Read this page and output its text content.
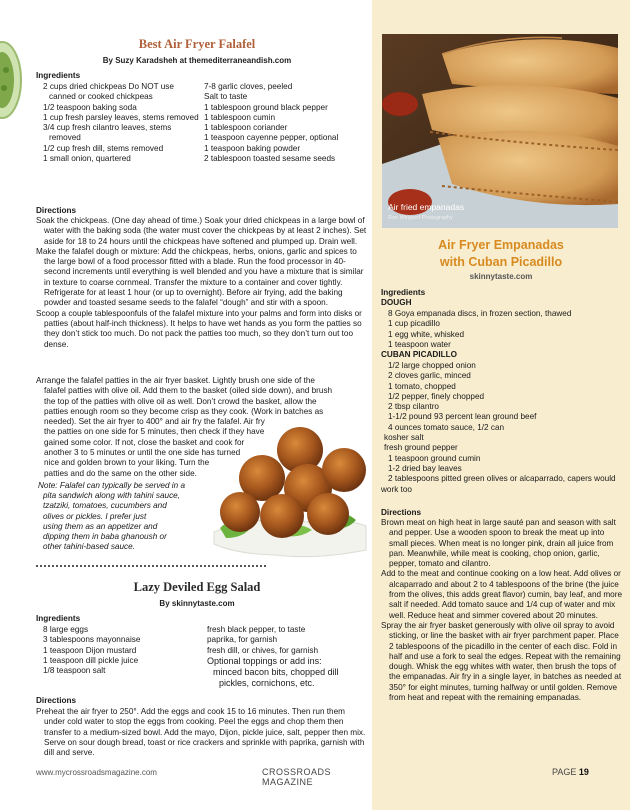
Best Air Fryer Falafel
By Suzy Karadsheh at themediterraneandish.com
Ingredients
2 cups dried chickpeas Do NOT use canned or cooked chickpeas
1/2 teaspoon baking soda
1 cup fresh parsley leaves, stems removed
3/4 cup fresh cilantro leaves, stems removed
1/2 cup fresh dill, stems removed
1 small onion, quartered
7-8 garlic cloves, peeled
Salt to taste
1 tablespoon ground black pepper
1 tablespoon cumin
1 tablespoon coriander
1 teaspoon cayenne pepper, optional
1 teaspoon baking powder
2 tablespoon toasted sesame seeds
Directions

Soak the chickpeas. (One day ahead of time.) Soak your dried chickpeas in a large bowl of water with the baking soda (the water must cover the chickpeas by at least 2 inches). Set aside for 18 to 24 hours until the chickpeas have softened and plumped up. Drain well.

Make the falafel dough or mixture: Add the chickpeas, herbs, onions, garlic and spices to the large bowl of a food processor fitted with a blade. Run the food processor in 40-second increments until everything is well blended and you have a mixture that is similar in texture to coarse cornmeal. Transfer the mixture to a container and cover tightly. Refrigerate for at least 1 hour (or up to overnight). Before air frying, add the baking powder and toasted sesame seeds to the falafel “dough” and stir with a spoon.

Scoop a couple tablespoonfuls of the falafel mixture into your palms and form into disks or patties (about half-inch thickness). It helps to have wet hands as you form the patties so they don’t stick too much. Do not pack the patties too much, so they don’t turn out too dense.

Arrange the falafel patties in the air fryer basket. Lightly brush one side of the
falafel patties with olive oil. Add them to the basket (oiled side down), and brush
the top of the patties with olive oil as well. Don’t crowd the basket, allow the
patties enough room so they become crisp as they cook. (Work in batches as
needed). Set the air fryer to 400° and air fry the falafel. Air fry
the patties on one side for 5 minutes, then check if they have
gained some color. If not, close the basket and cook for
another 3 to 5 minutes or until the one side has turned
nice and golden brown to your liking. Turn the
patties and do the same on the other side.
Note: Falafel can typically be served in a
pita sandwich along with tahini sauce,
tzatziki, tomatoes, cucumbers and
olives or pickles. I prefer just
using them as an appetizer and
dipping them in baba ghanoush or
other tahini-based sauce.
Lazy Deviled Egg Salad
By skinnytaste.com
Ingredients
8 large eggs
3 tablespoons mayonnaise
1 teaspoon Dijon mustard
1 teaspoon dill pickle juice
1/8 teaspoon salt
fresh black pepper, to taste
paprika, for garnish
fresh dill, or chives, for garnish
Optional toppings or add ins:
minced bacon bits, chopped dill pickles, cornichons, etc.
Directions

Preheat the air fryer to 250°. Add the eggs and cook 15 to 16 minutes. Then run them under cold water to stop the eggs from cooking. Peel the eggs and chop them then transfer to a medium-sized bowl. Add the mayo, Dijon, pickle juice, salt, pepper then mix. Serve on sour dough bread, toast or rice crackers and sprinkle with paprika, garnish with dill and serve.

www.mycrossroadsmagazine.com	CROSSROADS MAGAZINE
Air fried empanadas
Ron Wingard Photography
Air Fryer Empanadas
with Cuban Picadillo
skinnytaste.com
Ingredients
DOUGH
8 Goya empanada discs, in frozen section, thawed
1 cup picadillo
1 egg white, whisked
1 teaspoon water
CUBAN PICADILLO
1/2 large chopped onion
2 cloves garlic, minced
1 tomato, chopped
1/2 pepper, finely chopped
2 tbsp cilantro
1-1/2 pound 93 percent lean ground beef
4 ounces tomato sauce, 1/2 can
kosher salt
fresh ground pepper
1 teaspoon ground cumin
1-2 dried bay leaves
2 tablespoons pitted green olives or alcaparrado, capers would work too
Directions

Brown meat on high heat in large sauté pan and season with salt and pepper. Use a wooden spoon to break the meat up into small pieces. When meat is no longer pink, drain all juice from pan. Meanwhile, while meat is cooking, chop onion, garlic, pepper, tomato and cilantro.

Add to the meat and continue cooking on a low heat. Add olives or alcaparrado and about 2 to 4 tablespoons of the brine (the juice from the olives, this adds great flavor) cumin, bay leaf, and more salt if needed. Add tomato sauce and 1/4 cup of water and mix well. Reduce heat and simmer covered about 20 minutes.

Spray the air fryer basket generously with olive oil spray to avoid sticking, or line the basket with air fryer parchment paper. Place 2 tablespoons of the picadillo in the center of each disc. Fold in half and use a fork to seal the edges. Repeat with the remaining dough. Whisk the egg whites with water, then brush the tops of the empanadas. Air fry in a single layer, in batches as needed at 350° for eight minutes, turning halfway or until golden. Remove from heat and repeat with the remaining empanadas.

PAGE 19
